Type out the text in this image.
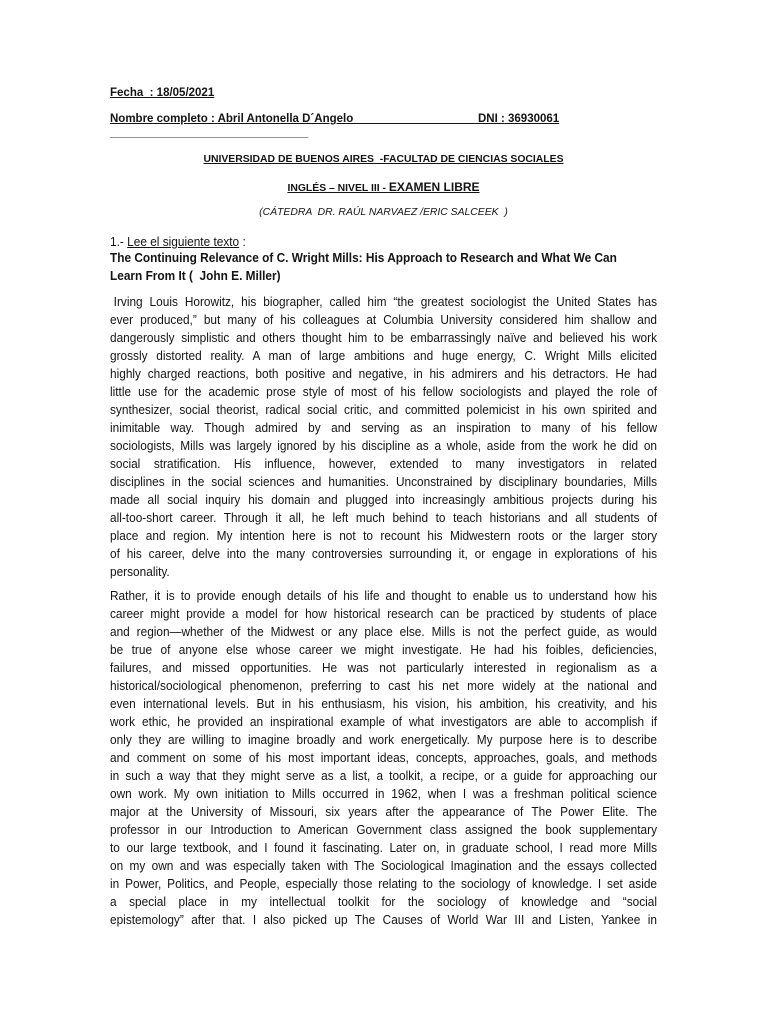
Fecha  : 18/05/2021
Nombre completo : Abril Antonella D´Angelo___________________ DNI : 36930061
_______________________________
UNIVERSIDAD DE BUENOS AIRES  -FACULTAD DE CIENCIAS SOCIALES
INGLÉS – NIVEL III - EXAMEN LIBRE
(CÁTEDRA  DR. RAÚL NARVAEZ /ERIC SALCEEK  )
1.- Lee el siguiente texto :
The Continuing Relevance of C. Wright Mills: His Approach to Research and What We Can
Learn From It (  John E. Miller)
Irving Louis Horowitz, his biographer, called him “the greatest sociologist the United States has
ever produced,” but many of his colleagues at Columbia University considered him shallow and
dangerously simplistic and others thought him to be embarrassingly naïve and believed his work
grossly distorted reality. A man of large ambitions and huge energy, C. Wright Mills elicited
highly charged reactions, both positive and negative, in his admirers and his detractors. He had
little use for the academic prose style of most of his fellow sociologists and played the role of
synthesizer, social theorist, radical social critic, and committed polemicist in his own spirited and
inimitable way. Though admired by and serving as an inspiration to many of his fellow
sociologists, Mills was largely ignored by his discipline as a whole, aside from the work he did on
social stratification. His influence, however, extended to many investigators in related
disciplines in the social sciences and humanities. Unconstrained by disciplinary boundaries, Mills
made all social inquiry his domain and plugged into increasingly ambitious projects during his
all-too-short career. Through it all, he left much behind to teach historians and all students of
place and region. My intention here is not to recount his Midwestern roots or the larger story
of his career, delve into the many controversies surrounding it, or engage in explorations of his
personality.
Rather, it is to provide enough details of his life and thought to enable us to understand how his
career might provide a model for how historical research can be practiced by students of place
and region—whether of the Midwest or any place else. Mills is not the perfect guide, as would
be true of anyone else whose career we might investigate. He had his foibles, deficiencies,
failures, and missed opportunities. He was not particularly interested in regionalism as a
historical/sociological phenomenon, preferring to cast his net more widely at the national and
even international levels. But in his enthusiasm, his vision, his ambition, his creativity, and his
work ethic, he provided an inspirational example of what investigators are able to accomplish if
only they are willing to imagine broadly and work energetically. My purpose here is to describe
and comment on some of his most important ideas, concepts, approaches, goals, and methods
in such a way that they might serve as a list, a toolkit, a recipe, or a guide for approaching our
own work. My own initiation to Mills occurred in 1962, when I was a freshman political science
major at the University of Missouri, six years after the appearance of The Power Elite. The
professor in our Introduction to American Government class assigned the book supplementary
to our large textbook, and I found it fascinating. Later on, in graduate school, I read more Mills
on my own and was especially taken with The Sociological Imagination and the essays collected
in Power, Politics, and People, especially those relating to the sociology of knowledge. I set aside
a special place in my intellectual toolkit for the sociology of knowledge and “social
epistemology” after that. I also picked up The Causes of World War III and Listen, Yankee in
